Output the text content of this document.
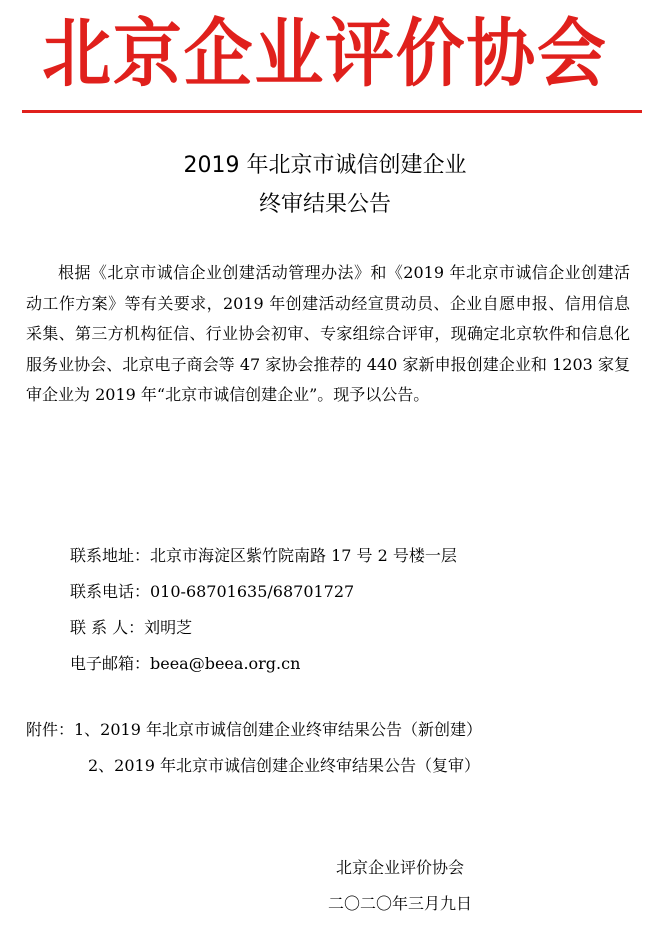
北京企业评价协会
2019 年北京市诚信创建企业
终审结果公告
根据《北京市诚信企业创建活动管理办法》和《2019 年北京市诚信企业创建活动工作方案》等有关要求，2019 年创建活动经宣贯动员、企业自愿申报、信用信息采集、第三方机构征信、行业协会初审、专家组综合评审，现确定北京软件和信息化服务业协会、北京电子商会等 47 家协会推荐的 440 家新申报创建企业和 1203 家复审企业为 2019 年“北京市诚信创建企业”。现予以公告。
联系地址：北京市海淀区紫竹院南路 17 号 2 号楼一层
联系电话：010-68701635/68701727
联 系 人：刘明芝
电子邮箱：beea@beea.org.cn
附件：1、2019 年北京市诚信创建企业终审结果公告（新创建）
2、2019 年北京市诚信创建企业终审结果公告（复审）
北京企业评价协会
二〇二〇年三月九日
